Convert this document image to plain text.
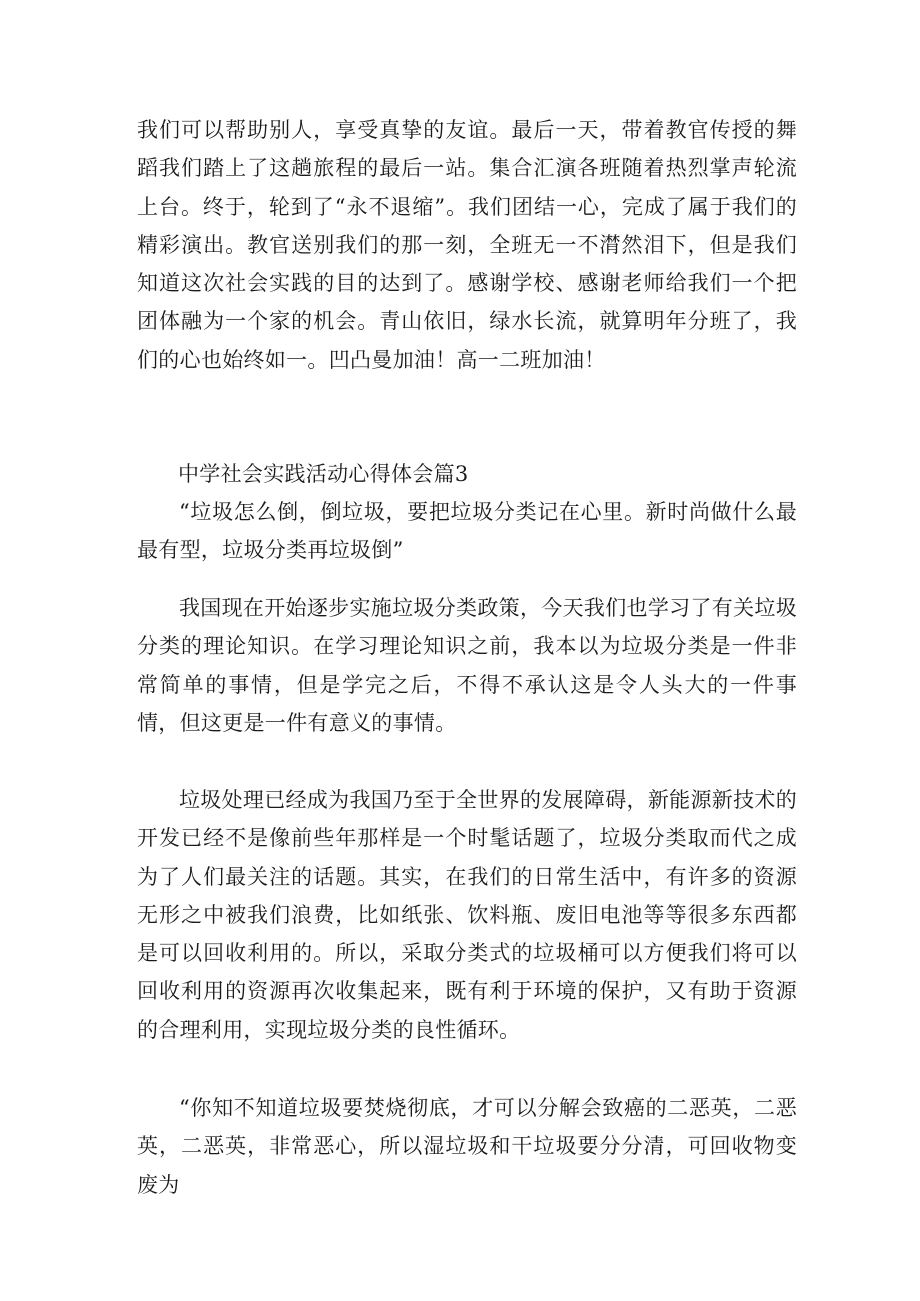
我们可以帮助别人，享受真挚的友谊。最后一天，带着教官传授的舞蹈我们踏上了这趟旅程的最后一站。集合汇演各班随着热烈掌声轮流上台。终于，轮到了“永不退缩”。我们团结一心，完成了属于我们的精彩演出。教官送别我们的那一刻，全班无一不潸然泪下，但是我们知道这次社会实践的目的达到了。感谢学校、感谢老师给我们一个把团体融为一个家的机会。青山依旧，绿水长流，就算明年分班了，我们的心也始终如一。凹凸曼加油！高一二班加油！

中学社会实践活动心得体会篇3

“垃圾怎么倒，倒垃圾，要把垃圾分类记在心里。新时尚做什么最最有型，垃圾分类再垃圾倒”

我国现在开始逐步实施垃圾分类政策，今天我们也学习了有关垃圾分类的理论知识。在学习理论知识之前，我本以为垃圾分类是一件非常简单的事情，但是学完之后，不得不承认这是令人头大的一件事情，但这更是一件有意义的事情。

垃圾处理已经成为我国乃至于全世界的发展障碍，新能源新技术的开发已经不是像前些年那样是一个时髦话题了，垃圾分类取而代之成为了人们最关注的话题。其实，在我们的日常生活中，有许多的资源无形之中被我们浪费，比如纸张、饮料瓶、废旧电池等等很多东西都是可以回收利用的。所以，采取分类式的垃圾桶可以方便我们将可以回收利用的资源再次收集起来，既有利于环境的保护，又有助于资源的合理利用，实现垃圾分类的良性循环。

“你知不知道垃圾要焚烧彻底，才可以分解会致癌的二恶英，二恶英，二恶英，非常恶心，所以湿垃圾和干垃圾要分分清，可回收物变废为
